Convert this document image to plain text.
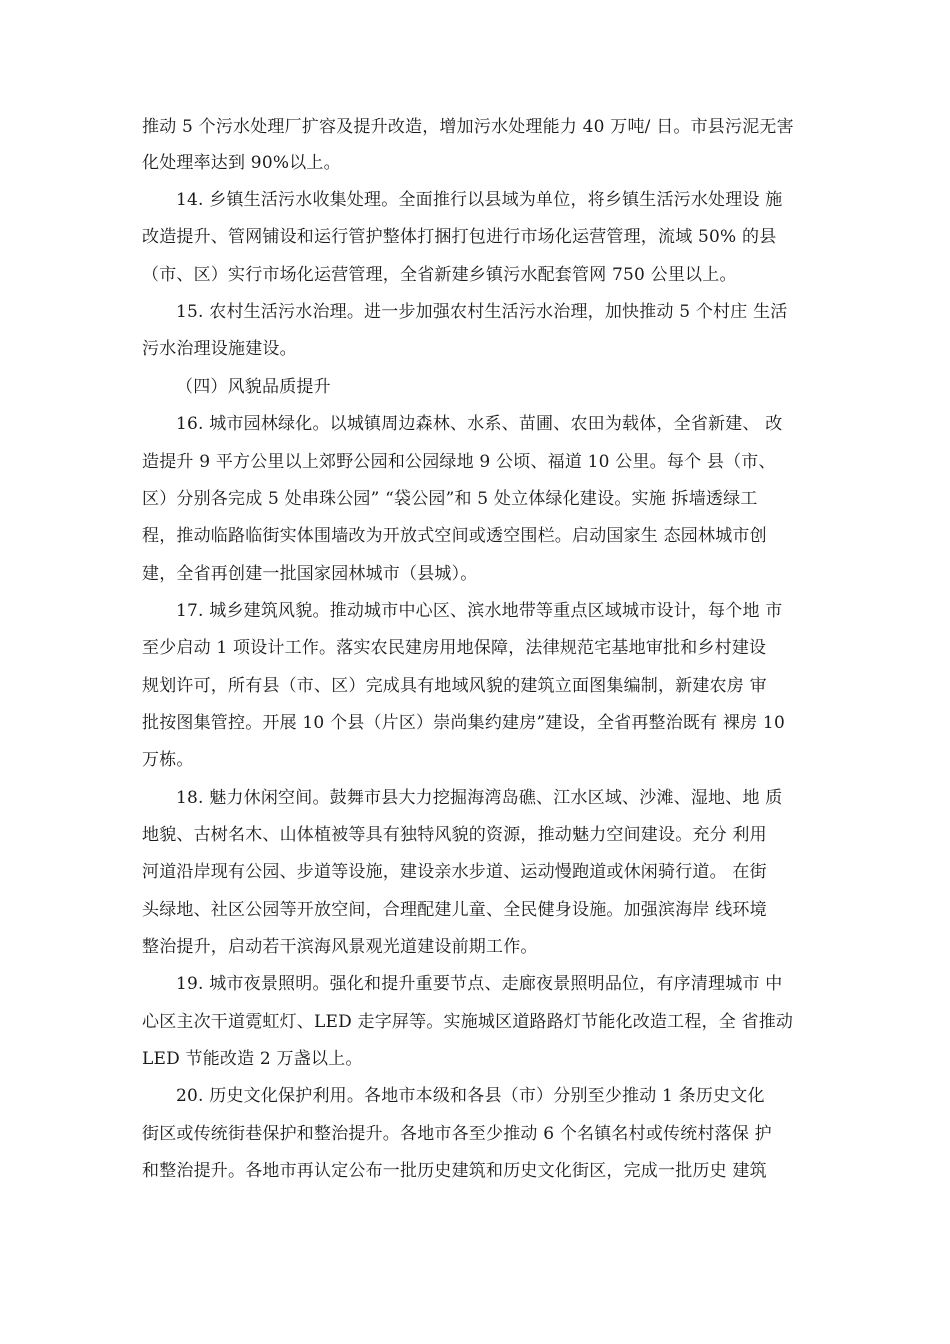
推动 5 个污水处理厂扩容及提升改造，增加污水处理能力 40 万吨/ 日。市县污泥无害
化处理率达到 90%以上。
14. 乡镇生活污水收集处理。全面推行以县域为单位，将乡镇生活污水处理设 施
改造提升、管网铺设和运行管护整体打捆打包进行市场化运营管理，流域 50% 的县
（市、区）实行市场化运营管理，全省新建乡镇污水配套管网 750 公里以上。
15. 农村生活污水治理。进一步加强农村生活污水治理，加快推动 5 个村庄 生活
污水治理设施建设。
（四）风貌品质提升
16. 城市园林绿化。以城镇周边森林、水系、苗圃、农田为载体，全省新建、 改
造提升 9 平方公里以上郊野公园和公园绿地 9 公顷、福道 10 公里。每个 县（市、
区）分别各完成 5 处串珠公园” “袋公园”和 5 处立体绿化建设。实施 拆墙透绿工
程，推动临路临街实体围墙改为开放式空间或透空围栏。启动国家生 态园林城市创
建，全省再创建一批国家园林城市（县城）。
17. 城乡建筑风貌。推动城市中心区、滨水地带等重点区域城市设计，每个地 市
至少启动 1 项设计工作。落实农民建房用地保障，法律规范宅基地审批和乡村建设
规划许可，所有县（市、区）完成具有地域风貌的建筑立面图集编制，新建农房 审
批按图集管控。开展 10 个县（片区）崇尚集约建房”建设，全省再整治既有 裸房 10
万栋。
18. 魅力休闲空间。鼓舞市县大力挖掘海湾岛礁、江水区域、沙滩、湿地、地 质
地貌、古树名木、山体植被等具有独特风貌的资源，推动魅力空间建设。充分 利用
河道沿岸现有公园、步道等设施，建设亲水步道、运动慢跑道或休闲骑行道。 在街
头绿地、社区公园等开放空间，合理配建儿童、全民健身设施。加强滨海岸 线环境
整治提升，启动若干滨海风景观光道建设前期工作。
19. 城市夜景照明。强化和提升重要节点、走廊夜景照明品位，有序清理城市 中
心区主次干道霓虹灯、LED 走字屏等。实施城区道路路灯节能化改造工程，全 省推动
LED 节能改造 2 万盏以上。
20. 历史文化保护利用。各地市本级和各县（市）分别至少推动 1 条历史文化
街区或传统街巷保护和整治提升。各地市各至少推动 6 个名镇名村或传统村落保 护
和整治提升。各地市再认定公布一批历史建筑和历史文化街区，完成一批历史 建筑
